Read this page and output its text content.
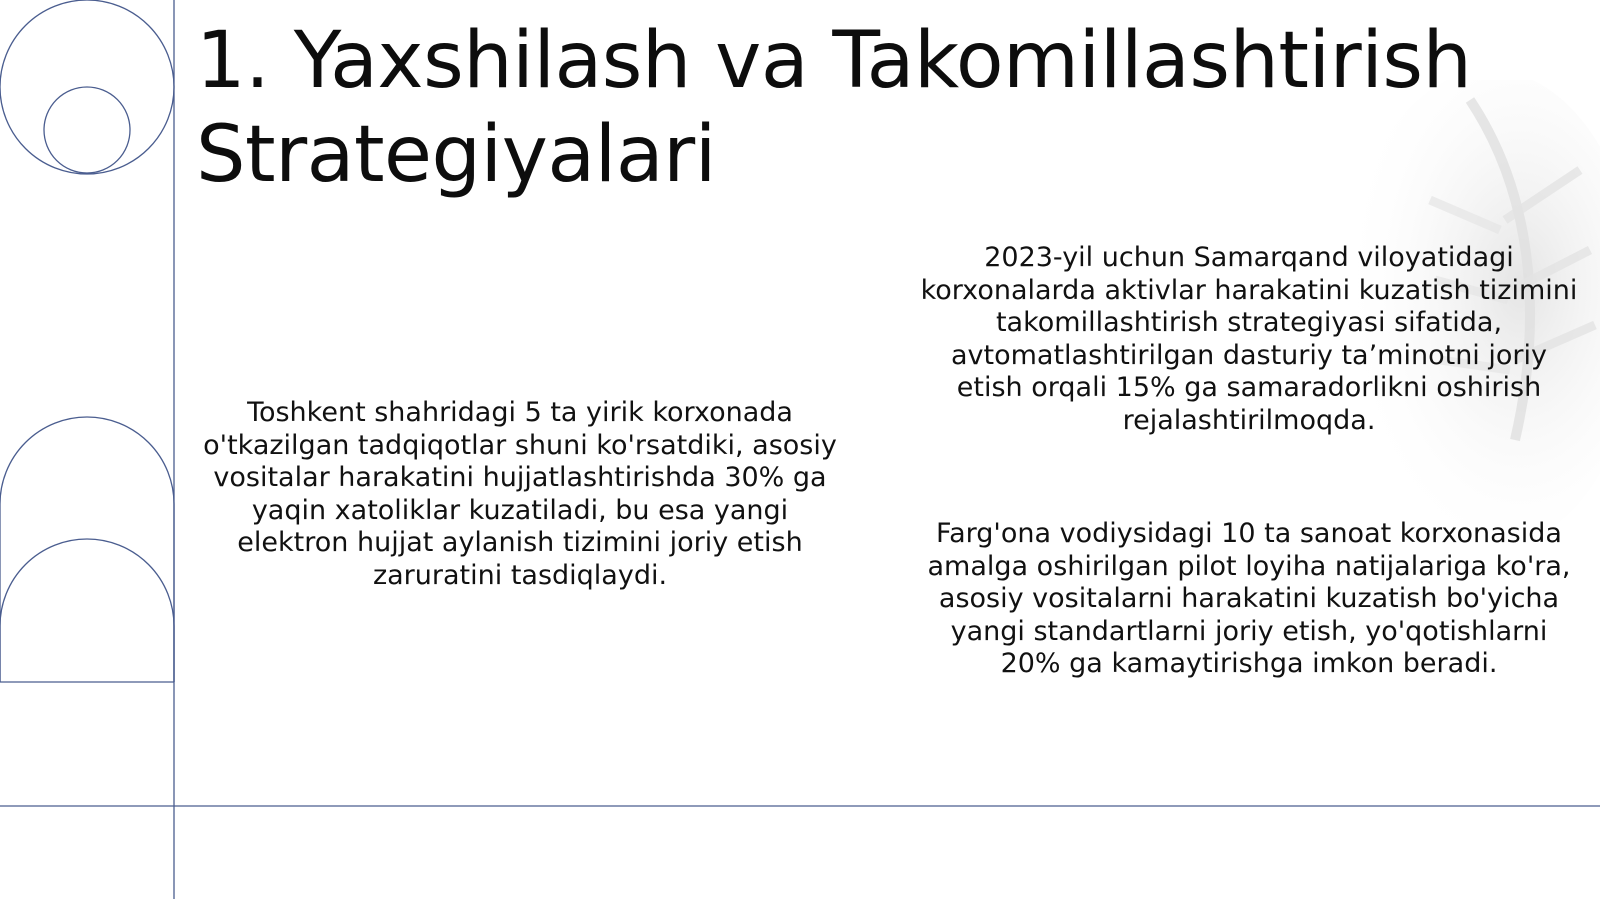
1. Yaxshilash va Takomillashtirish
Strategiyalari

Toshkent shahridagi 5 ta yirik korxonada o'tkazilgan tadqiqotlar shuni ko'rsatdiki, asosiy vositalar harakatini hujjatlashtirishda 30% ga yaqin xatoliklar kuzatiladi, bu esa yangi elektron hujjat aylanish tizimini joriy etish zaruratini tasdiqlaydi.

2023-yil uchun Samarqand viloyatidagi korxonalarda aktivlar harakatini kuzatish tizimini takomillashtirish strategiyasi sifatida, avtomatlashtirilgan dasturiy ta’minotni joriy etish orqali 15% ga samaradorlikni oshirish rejalashtirilmoqda.

Farg'ona vodiysidagi 10 ta sanoat korxonasida amalga oshirilgan pilot loyiha natijalariga ko'ra, asosiy vositalarni harakatini kuzatish bo'yicha yangi standartlarni joriy etish, yo'qotishlarni 20% ga kamaytirishga imkon beradi.
